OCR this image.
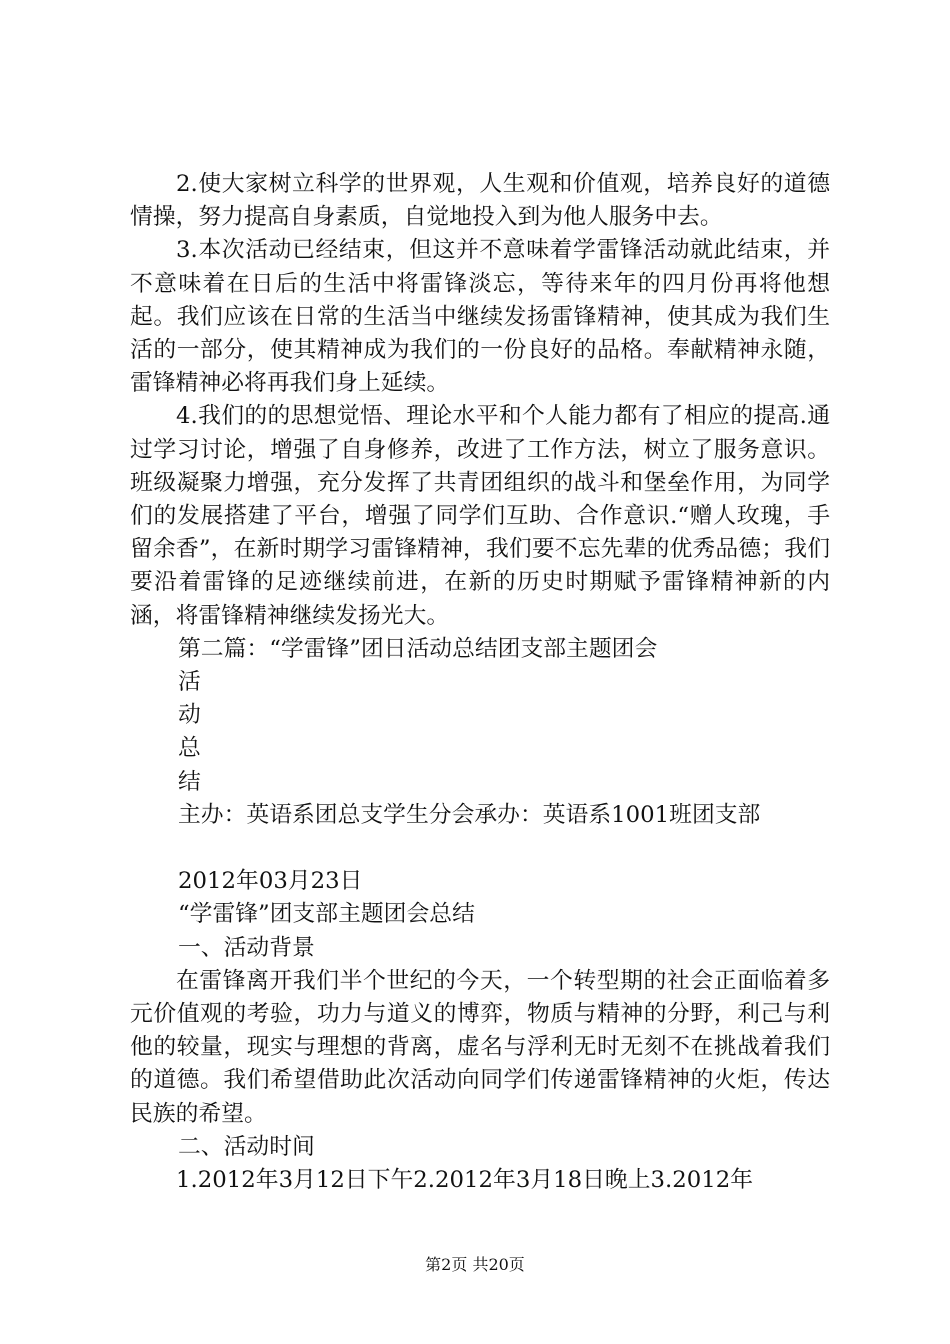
2.使大家树立科学的世界观，人生观和价值观，培养良好的道德情操，努力提高自身素质，自觉地投入到为他人服务中去。

3.本次活动已经结束，但这并不意味着学雷锋活动就此结束，并不意味着在日后的生活中将雷锋淡忘，等待来年的四月份再将他想起。我们应该在日常的生活当中继续发扬雷锋精神，使其成为我们生活的一部分，使其精神成为我们的一份良好的品格。奉献精神永随，雷锋精神必将再我们身上延续。

4.我们的的思想觉悟、理论水平和个人能力都有了相应的提高.通过学习讨论，增强了自身修养，改进了工作方法，树立了服务意识。班级凝聚力增强，充分发挥了共青团组织的战斗和堡垒作用，为同学们的发展搭建了平台，增强了同学们互助、合作意识.“赠人玫瑰，手留余香”，在新时期学习雷锋精神，我们要不忘先辈的优秀品德；我们要沿着雷锋的足迹继续前进，在新的历史时期赋予雷锋精神新的内涵，将雷锋精神继续发扬光大。

第二篇：“学雷锋”团日活动总结团支部主题团会

活

动

总

结

主办：英语系团总支学生分会承办：英语系1001班团支部

2012年03月23日

“学雷锋”团支部主题团会总结

一、活动背景

在雷锋离开我们半个世纪的今天，一个转型期的社会正面临着多元价值观的考验，功力与道义的博弈，物质与精神的分野，利己与利他的较量，现实与理想的背离，虚名与浮利无时无刻不在挑战着我们的道德。我们希望借助此次活动向同学们传递雷锋精神的火炬，传达民族的希望。

二、活动时间

1.2012年3月12日下午2.2012年3月18日晚上3.2012年

第2页 共20页
